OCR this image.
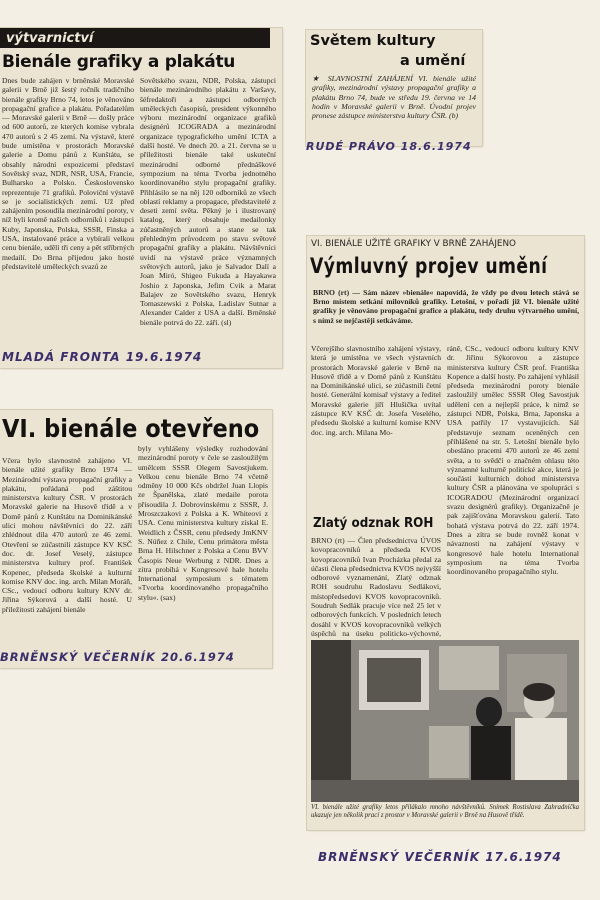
výtvarnictví
Bienále grafiky a plakátu
Dnes bude zahájen v brněnské Moravské galerii v Brně již šestý ročník tradičního bienále grafiky Brno 74, letos je věnováno propagační grafice a plakátu. Pořadatelům — Moravské galerii v Brně — došly práce od 600 autorů, ze kterých komise vybrala 470 autorů s 2 45 zemí. Na výstavě, které bude umístěna v prostorách Moravské galerie a Domu pánů z Kunštátu, se obsahly národní expozicemi představí Sovětský svaz, NDR, NSR, USA, Francie, Bulharsko a Polsko. Československo reprezentuje 71 grafiků. Poloviční výstavě se je socialistických zemí. Už před zahájením posoudila mezinárodní poroty, v níž byli kromě našich odborníků i zástupci Kuby, Japonska, Polska, SSSR, Finska a USA, instalované práce a vybírali velkou cenu bienále, udělí tři ceny a pět stříbrných medailí. Do Brna přijedou jako hosté představitelé uměleckých svazů ze
Sovětského svazu, NDR, Polska, zástupci bienále mezinárodního plakátu z Varšavy, šéfredaktoři a zástupci odborných uměleckých časopisů, president výkonného výboru mezinárodní organizace grafiků designérů ICOGRADA a mezinárodní organizace typografického umění ICTA a další hosté. Ve dnech 20. a 21. června se u příležitosti bienále také uskuteční mezinárodní odborné přednáškové sympozium na téma Tvorba jednotného koordinovaného stylu propagační grafiky. Přihlásilo se na něj 120 odborníků ze všech oblastí reklamy a propagace, představitelé z deseti zemí světa. Pěkný je i ilustrovaný katalog, který obsahuje medailonky zúčastněných autorů a stane se tak přehledným průvodcem po stavu světové propagační grafiky a plakátu. Návštěvníci uvidí na výstavě práce významných světových autorů, jako je Salvador Dalí a Joan Miró, Shigeo Fukuda a Hayakawa Joshio z Japonska, Jefim Cvik a Marat Balajev ze Sovětského svazu, Henryk Tomaszewski z Polska, Ladislav Sutnar a Alexander Calder z USA a další. Brněnské bienále potrvá do 22. září. (sl)
MLADÁ FRONTA 19.6.1974
Světem kultury
a umění
★ SLAVNOSTNÍ ZAHÁJENÍ VI. bienále užité grafiky, mezinárodní výstavy propagační grafiky a plakátu Brno 74, bude ve středu 19. června ve 14 hodin v Moravské galerii v Brně. Úvodní projev pronese zástupce ministerstva kultury ČSR. (b)
RUDÉ PRÁVO 18.6.1974
VI. BIENÁLE UŽITÉ GRAFIKY V BRNĚ ZAHÁJENO
Výmluvný projev umění
BRNO (rt) — Sám název »bienále« napovídá, že vždy po dvou letech stává se Brno místem setkání milovníků grafiky. Letošní, v pořadí již VI. bienále užité grafiky je věnováno propagační grafice a plakátu, tedy druhu výtvarného umění, s nímž se nejčastěji setkáváme.
Včerejšího slavnostního zahájení výstavy, která je umístěna ve všech výstavních prostorách Moravské galerie v Brně na Husově třídě a v Domě pánů z Kunštátu na Dominikánské ulici, se zúčastnili četní hosté. Generální komisař výstavy a ředitel Moravské galerie jiří Hlušička uvítal zástupce KV KSČ dr. Josefa Veselého, předsedu školské a kulturní komise KNV doc. ing. arch. Milana Mo-
ráně, CSc., vedoucí odboru kultury KNV dr. Jiřinu Sýkorovou a zástupce ministerstva kultury ČSR prof. Františka Kopence a další hosty. Po zahájení vyhlásil předseda mezinárodní poroty bienále zasloužilý umělec SSSR Oleg Savostjuk udělení cen a nejlepší práce, k nimž se zástupci NDR, Polska, Brna, Japonska a USA patřily 17 vystavujících. Sál představuje seznam oceněných cen přihlášené na str. 5. Letošní bienále bylo obesláno pracemi 470 autorů ze 46 zemí světa, a to svědčí o značném ohlasu této významné kulturně politické akce, která je součástí kulturních dohod ministerstva kultury ČSR a plánována ve spolupráci s ICOGRADOU (Mezinárodní organizací svazu designérů grafiky). Organizačně je pak zajišťována Moravskou galerií. Tato bohatá výstava potrvá do 22. září 1974. Dnes a zítra se bude rovněž konat v návaznosti na zahájení výstavy v kongresové hale hotelu International symposium na téma Tvorba koordinovaného propagačního stylu.
Zlatý odznak ROH
BRNO (rt) — Člen předsednictva ÚVOS kovopracovníků a předseda KVOS kovopracovníků Ivan Procházka předal za účasti člena předsednictva KVOS nejvyšší odborové vyznamenání, Zlatý odznak ROH soudruhu Radoslavu Sedlákovi, místopředsedovi KVOS kovopracovníků. Soudruh Sedlák pracuje více než 25 let v odborových funkcích. V posledních letech dosáhl v KVOS kovopracovníků velkých úspěchů na úseku politicko-výchovné,
VI. bienále užité grafiky letos přilákalo mnoho návštěvníků. Snímek Rostislava Zahradníčka ukazuje jen několik prací z prostor v Moravské galerii v Brně na Husově třídě.
BRNĚNSKÝ VEČERNÍK 17.6.1974
VI. bienále otevřeno
Včera bylo slavnostně zahájeno VI. bienále užité grafiky Brno 1974 — Mezinárodní výstava propagační grafiky a plakátu, pořádaná pod záštitou ministerstva kultury ČSR. V prostorách Moravské galerie na Husově třídě a v Domě pánů z Kunštátu na Dominikánské ulici mohou návštěvníci do 22. září zhlédnout díla 470 autorů ze 46 zemí. Otevření se zúčastnili zástupce KV KSČ doc. dr. Josef Veselý, zástupce ministerstva kultury prof. František Kopenec, předseda školské a kulturní komise KNV doc. ing. arch. Milan Moráň, CSc., vedoucí odboru kultury KNV dr. Jiřina Sýkorová a další hosté. U příležitosti zahájení bienále
byly vyhlášeny výsledky rozhodování mezinárodní poroty v čele se zasloužilým umělcem SSSR Olegem Savostjukem. Velkou cenu bienále Brno 74 včetně odměny 10 000 Kčs obdržel Juan Llopis ze Španělska, zlaté medaile porota přisoudila J. Dobrovinskému z SSSR, J. Mroszczakovi z Polska a K. Whiteovi z USA. Cenu ministerstva kultury získal E. Weidlich z ČSSR, cenu předsedy JmKNV S. Núñez z Chile, Cenu primátora města Brna H. Hilschner z Polska a Cenu BVV Časopis Neue Werbung z NDR. Dnes a zítra probíhá v Kongresové hale hotelu International symposium s tématem »Tvorba koordinovaného propagačního stylu«. (sax)
BRNĚNSKÝ VEČERNÍK 20.6.1974
